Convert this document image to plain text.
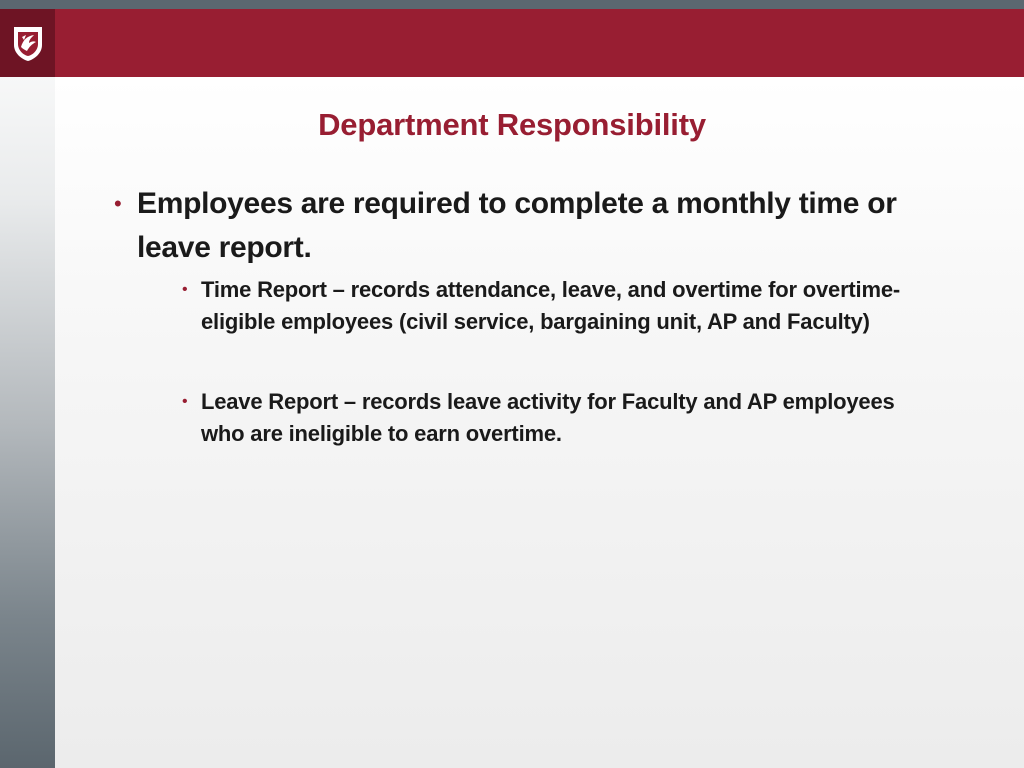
Department Responsibility
• Employees are required to complete a monthly time or leave report.
• Time Report – records attendance, leave, and overtime for overtime-eligible employees (civil service, bargaining unit, AP and Faculty)
• Leave Report – records leave activity for Faculty and AP employees who are ineligible to earn overtime.
